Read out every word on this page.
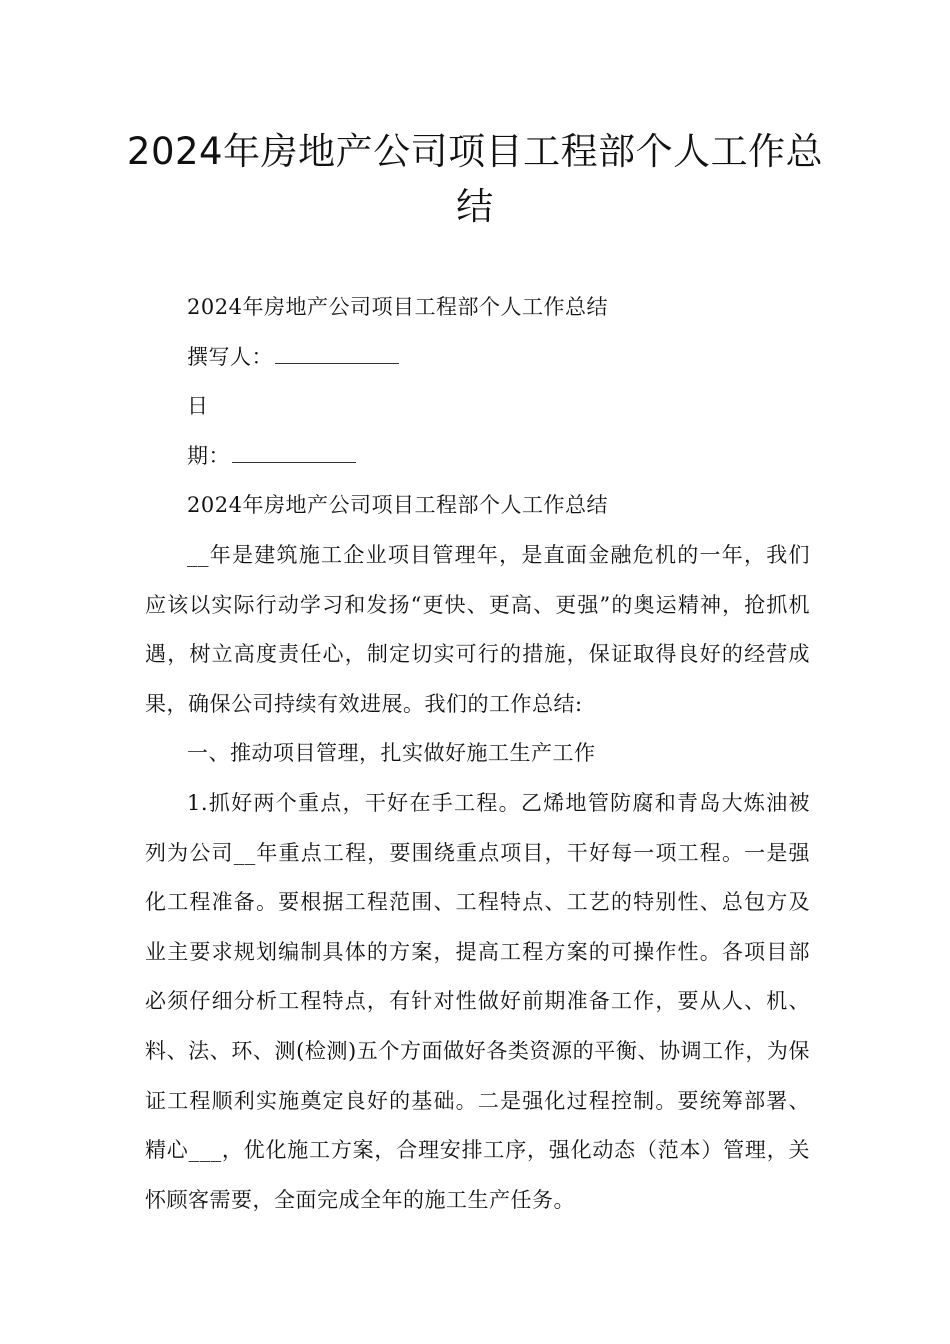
2024年房地产公司项目工程部个人工作总结

2024年房地产公司项目工程部个人工作总结

撰写人：

日

期：

2024年房地产公司项目工程部个人工作总结

__年是建筑施工企业项目管理年，是直面金融危机的一年，我们应该以实际行动学习和发扬“更快、更高、更强”的奥运精神，抢抓机遇，树立高度责任心，制定切实可行的措施，保证取得良好的经营成果，确保公司持续有效进展。我们的工作总结:

一、推动项目管理，扎实做好施工生产工作

1.抓好两个重点，干好在手工程。乙烯地管防腐和青岛大炼油被列为公司__年重点工程，要围绕重点项目，干好每一项工程。一是强化工程准备。要根据工程范围、工程特点、工艺的特别性、总包方及业主要求规划编制具体的方案，提高工程方案的可操作性。各项目部必须仔细分析工程特点，有针对性做好前期准备工作，要从人、机、料、法、环、测(检测)五个方面做好各类资源的平衡、协调工作，为保证工程顺利实施奠定良好的基础。二是强化过程控制。要统筹部署、精心___，优化施工方案，合理安排工序，强化动态（范本）管理，关怀顾客需要，全面完成全年的施工生产任务。
